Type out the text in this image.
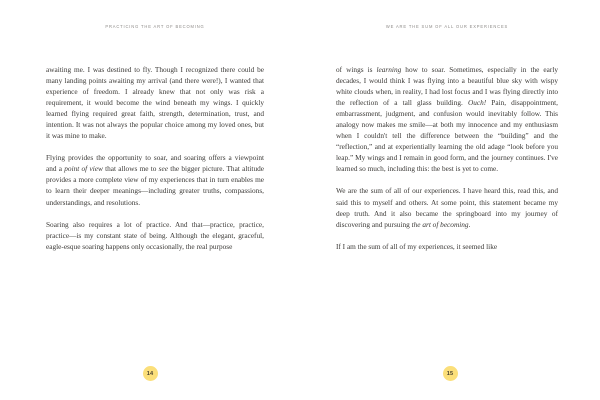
PRACTICING THE ART OF BECOMING

awaiting me. I was destined to fly. Though I recognized there could be many landing points awaiting my arrival (and there were!), I wanted that experience of freedom. I already knew that not only was risk a requirement, it would become the wind beneath my wings. I quickly learned flying required great faith, strength, determination, trust, and intention. It was not always the popular choice among my loved ones, but it was mine to make.

Flying provides the opportunity to soar, and soaring offers a viewpoint and a point of view that allows me to see the bigger picture. That altitude provides a more complete view of my experiences that in turn enables me to learn their deeper meanings—including greater truths, compassions, understandings, and resolutions.

Soaring also requires a lot of practice. And that—practice, practice, practice—is my constant state of being. Although the elegant, graceful, eagle-esque soaring happens only occasionally, the real purpose

14
WE ARE THE SUM OF ALL OUR EXPERIENCES

of wings is learning how to soar. Sometimes, especially in the early decades, I would think I was flying into a beautiful blue sky with wispy white clouds when, in reality, I had lost focus and I was flying directly into the reflection of a tall glass building. Ouch! Pain, disappointment, embarrassment, judgment, and confusion would inevitably follow. This analogy now makes me smile—at both my innocence and my enthusiasm when I couldn't tell the difference between the “building” and the “reflection,” and at experientially learning the old adage “look before you leap.” My wings and I remain in good form, and the journey continues. I've learned so much, including this: the best is yet to come.

We are the sum of all of our experiences. I have heard this, read this, and said this to myself and others. At some point, this statement became my deep truth. And it also became the springboard into my journey of discovering and pursuing the art of becoming.

If I am the sum of all of my experiences, it seemed like

15
